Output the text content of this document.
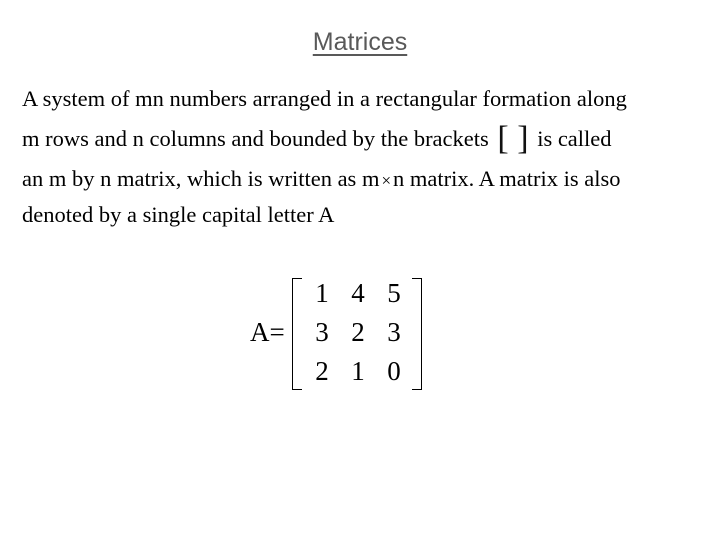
Matrices
A system of mn numbers arranged in a rectangular formation along
m rows and n columns and bounded by the brackets [ ] is called
an m by n matrix, which is written as m ×n matrix. A matrix is also
denoted by a single capital letter A
A=
1 4 5
3 2 3
2 1 0
